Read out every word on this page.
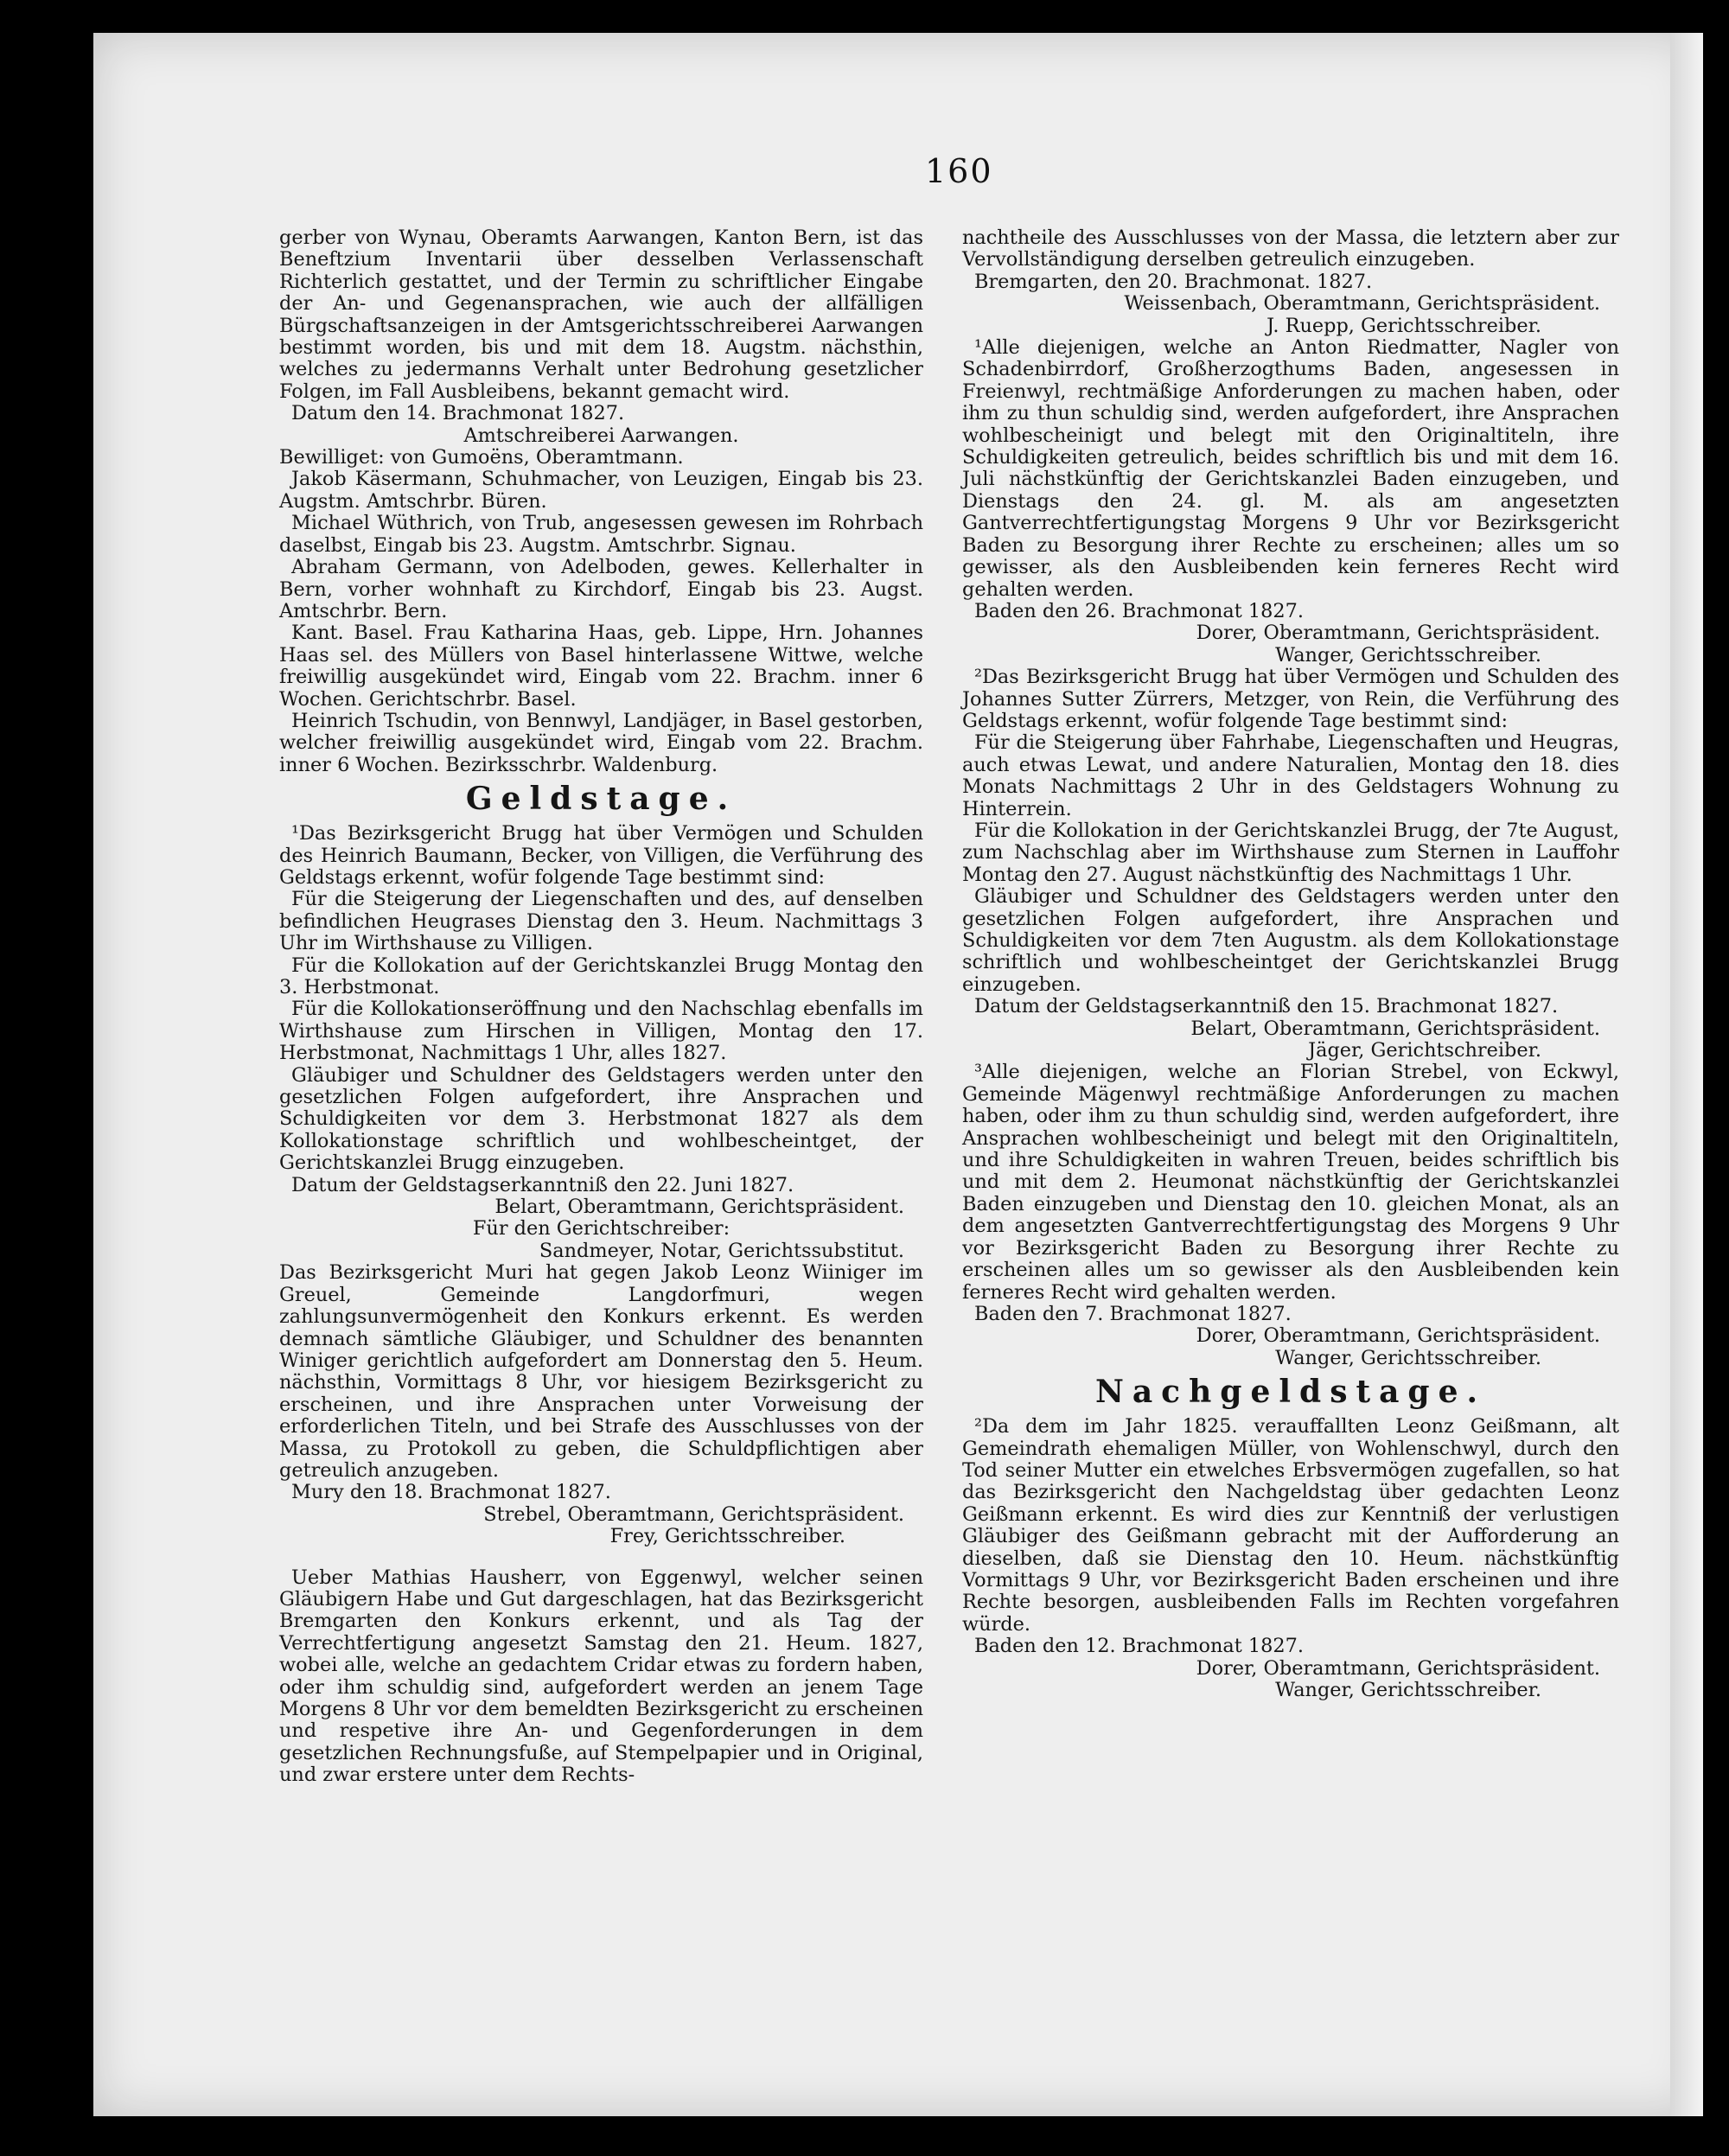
160

gerber von Wynau, Oberamts Aarwangen, Kanton Bern, ist das Beneftzium Inventarii über desselben Verlassenschaft Richterlich gestattet, und der Termin zu schriftlicher Eingabe der An- und Gegenansprachen, wie auch der allfälligen Bürgschaftsanzeigen in der Amtsgerichtsschreiberei Aarwangen bestimmt worden, bis und mit dem 18. Augstm. nächsthin, welches zu jedermanns Verhalt unter Bedrohung gesetzlicher Folgen, im Fall Ausbleibens, bekannt gemacht wird.

Datum den 14. Brachmonat 1827.

Amtschreiberei Aarwangen.

Bewilliget: von Gumoëns, Oberamtmann.

Jakob Käsermann, Schuhmacher, von Leuzigen, Eingab bis 23. Augstm. Amtschrbr. Büren.

Michael Wüthrich, von Trub, angesessen gewesen im Rohrbach daselbst, Eingab bis 23. Augstm. Amtschrbr. Signau.

Abraham Germann, von Adelboden, gewes. Kellerhalter in Bern, vorher wohnhaft zu Kirchdorf, Eingab bis 23. Augst. Amtschrbr. Bern.

Kant. Basel. Frau Katharina Haas, geb. Lippe, Hrn. Johannes Haas sel. des Müllers von Basel hinterlassene Wittwe, welche freiwillig ausgekündet wird, Eingab vom 22. Brachm. inner 6 Wochen. Gerichtschrbr. Basel.

Heinrich Tschudin, von Bennwyl, Landjäger, in Basel gestorben, welcher freiwillig ausgekündet wird, Eingab vom 22. Brachm. inner 6 Wochen. Bezirksschrbr. Waldenburg.

Geldstage.

¹Das Bezirksgericht Brugg hat über Vermögen und Schulden des Heinrich Baumann, Becker, von Villigen, die Verführung des Geldstags erkennt, wofür folgende Tage bestimmt sind:

Für die Steigerung der Liegenschaften und des, auf denselben befindlichen Heugrases Dienstag den 3. Heum. Nachmittags 3 Uhr im Wirthshause zu Villigen.

Für die Kollokation auf der Gerichtskanzlei Brugg Montag den 3. Herbstmonat.

Für die Kollokationseröffnung und den Nachschlag ebenfalls im Wirthshause zum Hirschen in Villigen, Montag den 17. Herbstmonat, Nachmittags 1 Uhr, alles 1827.

Gläubiger und Schuldner des Geldstagers werden unter den gesetzlichen Folgen aufgefordert, ihre Ansprachen und Schuldigkeiten vor dem 3. Herbstmonat 1827 als dem Kollokationstage schriftlich und wohlbescheintget, der Gerichtskanzlei Brugg einzugeben.

Datum der Geldstagserkanntniß den 22. Juni 1827.

Belart, Oberamtmann, Gerichtspräsident.

Für den Gerichtschreiber:

Sandmeyer, Notar, Gerichtssubstitut.

Das Bezirksgericht Muri hat gegen Jakob Leonz Wiiniger im Greuel, Gemeinde Langdorfmuri, wegen zahlungsunvermögenheit den Konkurs erkennt. Es werden demnach sämtliche Gläubiger, und Schuldner des benannten Winiger gerichtlich aufgefordert am Donnerstag den 5. Heum. nächsthin, Vormittags 8 Uhr, vor hiesigem Bezirksgericht zu erscheinen, und ihre Ansprachen unter Vorweisung der erforderlichen Titeln, und bei Strafe des Ausschlusses von der Massa, zu Protokoll zu geben, die Schuldpflichtigen aber getreulich anzugeben.

Mury den 18. Brachmonat 1827.

Strebel, Oberamtmann, Gerichtspräsident.

Frey, Gerichtsschreiber.

Ueber Mathias Hausherr, von Eggenwyl, welcher seinen Gläubigern Habe und Gut dargeschlagen, hat das Bezirksgericht Bremgarten den Konkurs erkennt, und als Tag der Verrechtfertigung angesetzt Samstag den 21. Heum. 1827, wobei alle, welche an gedachtem Cridar etwas zu fordern haben, oder ihm schuldig sind, aufgefordert werden an jenem Tage Morgens 8 Uhr vor dem bemeldten Bezirksgericht zu erscheinen und respetive ihre An- und Gegenforderungen in dem gesetzlichen Rechnungsfuße, auf Stempelpapier und in Original, und zwar erstere unter dem Rechts-

nachtheile des Ausschlusses von der Massa, die letztern aber zur Vervollständigung derselben getreulich einzugeben.

Bremgarten, den 20. Brachmonat. 1827.

Weissenbach, Oberamtmann, Gerichtspräsident.

J. Ruepp, Gerichtsschreiber.

¹Alle diejenigen, welche an Anton Riedmatter, Nagler von Schadenbirrdorf, Großherzogthums Baden, angesessen in Freienwyl, rechtmäßige Anforderungen zu machen haben, oder ihm zu thun schuldig sind, werden aufgefordert, ihre Ansprachen wohlbescheinigt und belegt mit den Originaltiteln, ihre Schuldigkeiten getreulich, beides schriftlich bis und mit dem 16. Juli nächstkünftig der Gerichtskanzlei Baden einzugeben, und Dienstags den 24. gl. M. als am angesetzten Gantverrechtfertigungstag Morgens 9 Uhr vor Bezirksgericht Baden zu Besorgung ihrer Rechte zu erscheinen; alles um so gewisser, als den Ausbleibenden kein ferneres Recht wird gehalten werden.

Baden den 26. Brachmonat 1827.

Dorer, Oberamtmann, Gerichtspräsident.

Wanger, Gerichtsschreiber.

²Das Bezirksgericht Brugg hat über Vermögen und Schulden des Johannes Sutter Zürrers, Metzger, von Rein, die Verführung des Geldstags erkennt, wofür folgende Tage bestimmt sind:

Für die Steigerung über Fahrhabe, Liegenschaften und Heugras, auch etwas Lewat, und andere Naturalien, Montag den 18. dies Monats Nachmittags 2 Uhr in des Geldstagers Wohnung zu Hinterrein.

Für die Kollokation in der Gerichtskanzlei Brugg, der 7te August, zum Nachschlag aber im Wirthshause zum Sternen in Lauffohr Montag den 27. August nächstkünftig des Nachmittags 1 Uhr.

Gläubiger und Schuldner des Geldstagers werden unter den gesetzlichen Folgen aufgefordert, ihre Ansprachen und Schuldigkeiten vor dem 7ten Augustm. als dem Kollokationstage schriftlich und wohlbescheintget der Gerichtskanzlei Brugg einzugeben.

Datum der Geldstagserkanntniß den 15. Brachmonat 1827.

Belart, Oberamtmann, Gerichtspräsident.

Jäger, Gerichtschreiber.

³Alle diejenigen, welche an Florian Strebel, von Eckwyl, Gemeinde Mägenwyl rechtmäßige Anforderungen zu machen haben, oder ihm zu thun schuldig sind, werden aufgefordert, ihre Ansprachen wohlbescheinigt und belegt mit den Originaltiteln, und ihre Schuldigkeiten in wahren Treuen, beides schriftlich bis und mit dem 2. Heumonat nächstkünftig der Gerichtskanzlei Baden einzugeben und Dienstag den 10. gleichen Monat, als an dem angesetzten Gantverrechtfertigungstag des Morgens 9 Uhr vor Bezirksgericht Baden zu Besorgung ihrer Rechte zu erscheinen alles um so gewisser als den Ausbleibenden kein ferneres Recht wird gehalten werden.

Baden den 7. Brachmonat 1827.

Dorer, Oberamtmann, Gerichtspräsident.

Wanger, Gerichtsschreiber.

Nachgeldstage.

²Da dem im Jahr 1825. verauffallten Leonz Geißmann, alt Gemeindrath ehemaligen Müller, von Wohlenschwyl, durch den Tod seiner Mutter ein etwelches Erbsvermögen zugefallen, so hat das Bezirksgericht den Nachgeldstag über gedachten Leonz Geißmann erkennt. Es wird dies zur Kenntniß der verlustigen Gläubiger des Geißmann gebracht mit der Aufforderung an dieselben, daß sie Dienstag den 10. Heum. nächstkünftig Vormittags 9 Uhr, vor Bezirksgericht Baden erscheinen und ihre Rechte besorgen, ausbleibenden Falls im Rechten vorgefahren würde.

Baden den 12. Brachmonat 1827.

Dorer, Oberamtmann, Gerichtspräsident.

Wanger, Gerichtsschreiber.
